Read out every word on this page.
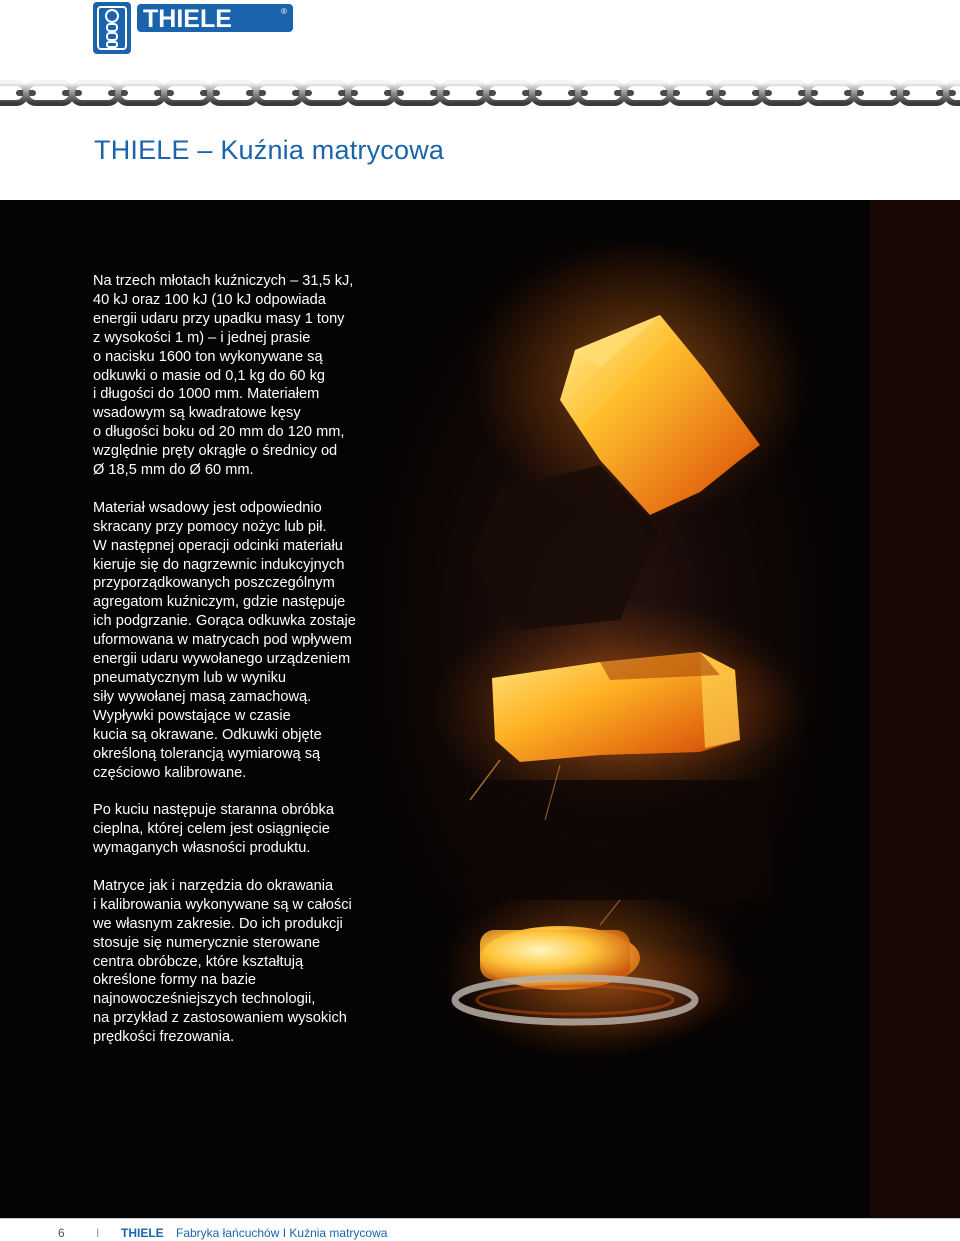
THIELE	®
THIELE – Kuźnia matrycowa

Na trzech młotach kuźniczych – 31,5 kJ,
40 kJ oraz 100 kJ (10 kJ odpowiada
energii udaru przy upadku masy 1 tony
z wysokości 1 m) – i jednej prasie
o nacisku 1600 ton wykonywane są
odkuwki o masie od 0,1 kg do 60 kg
i długości do 1000 mm. Materiałem
wsadowym są kwadratowe kęsy
o długości boku od 20 mm do 120 mm,
względnie pręty okrągłe o średnicy od
Ø 18,5 mm do Ø 60 mm.

Materiał wsadowy jest odpowiednio
skracany przy pomocy nożyc lub pił.
W następnej operacji odcinki materiału
kieruje się do nagrzewnic indukcyjnych
przyporządkowanych poszczególnym
agregatom kuźniczym, gdzie następuje
ich podgrzanie. Gorąca odkuwka zostaje
uformowana w matrycach pod wpływem
energii udaru wywołanego urządzeniem
pneumatycznym lub w wyniku
siły wywołanej masą zamachową.
Wypływki powstające w czasie
kucia są okrawane. Odkuwki objęte
określoną tolerancją wymiarową są
częściowo kalibrowane.

Po kuciu następuje staranna obróbka
cieplna, której celem jest osiągnięcie
wymaganych własności produktu.

Matryce jak i narzędzia do okrawania
i kalibrowania wykonywane są w całości
we własnym zakresie. Do ich produkcji
stosuje się numerycznie sterowane
centra obróbcze, które kształtują
określone formy na bazie
najnowocześniejszych technologii,
na przykład z zastosowaniem wysokich
prędkości frezowania.

6	I THIELE Fabryka łańcuchów I Kuźnia matrycowa
